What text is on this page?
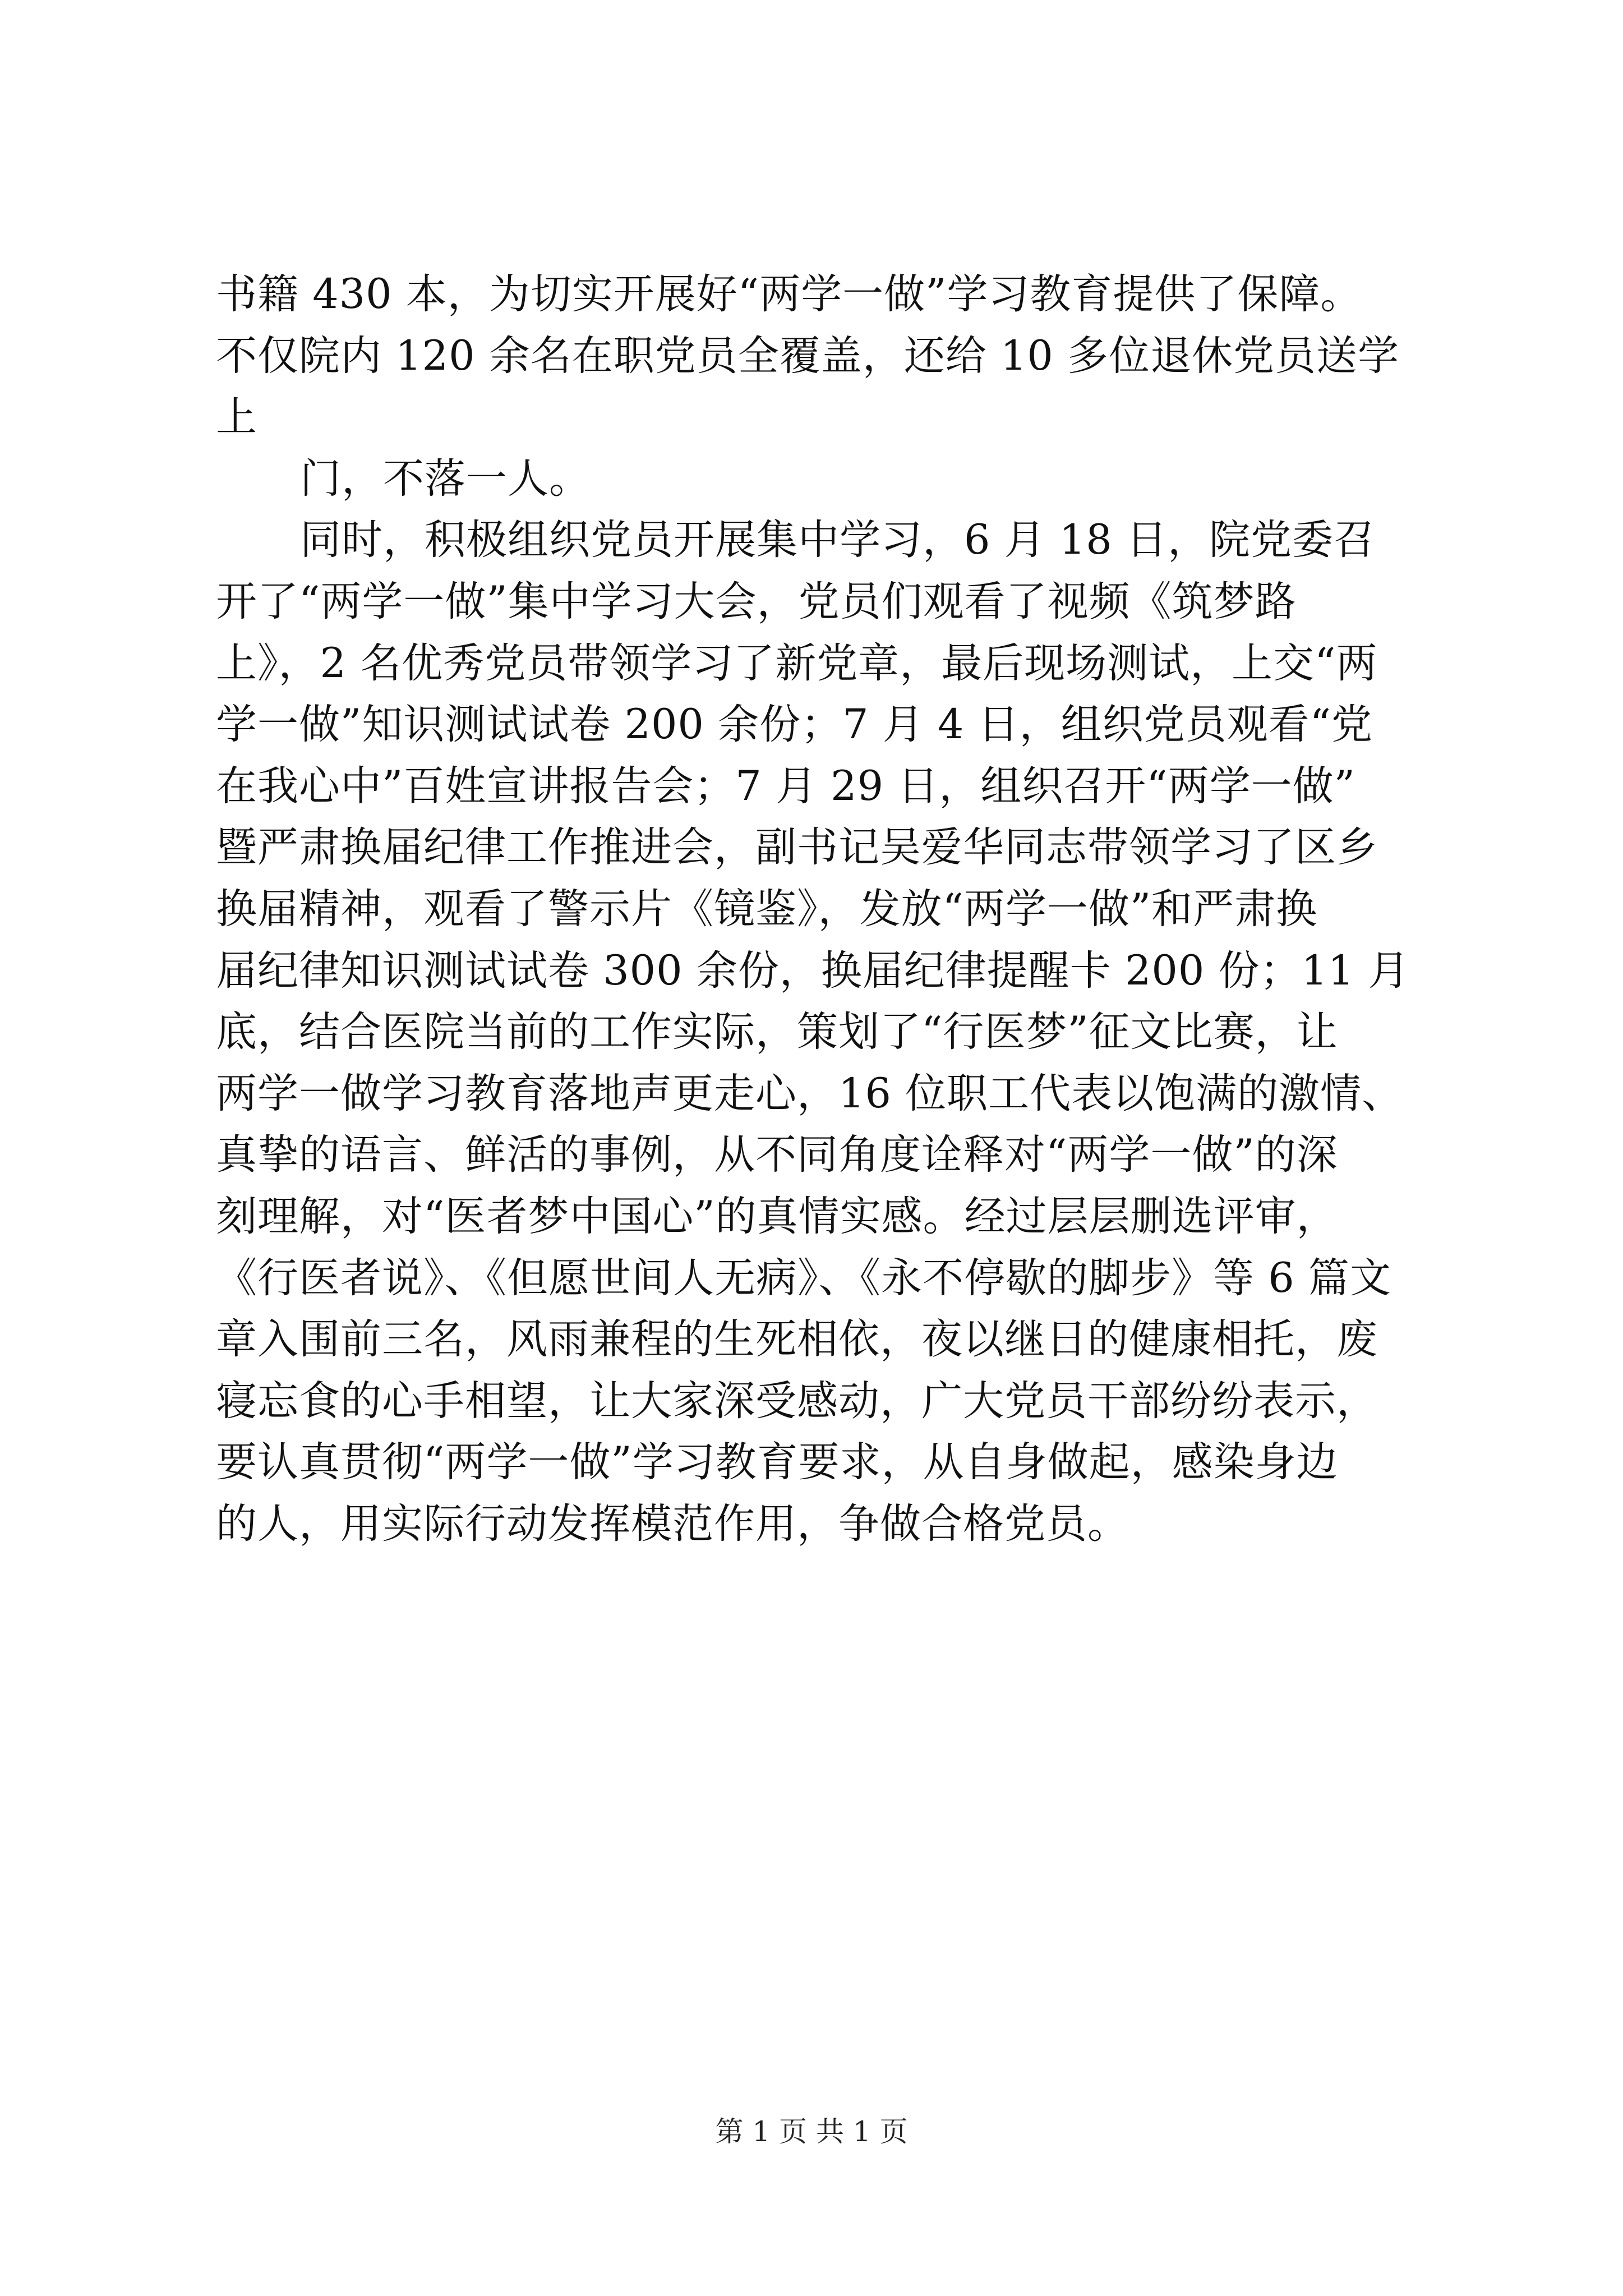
书籍 430 本，为切实开展好“两学一做”学习教育提供了保障。
不仅院内 120 余名在职党员全覆盖，还给 10 多位退休党员送学
上
门，不落一人。
同时，积极组织党员开展集中学习，6 月 18 日，院党委召
开了“两学一做”集中学习大会，党员们观看了视频《筑梦路
上》，2 名优秀党员带领学习了新党章，最后现场测试，上交“两
学一做”知识测试试卷 200 余份；7 月 4 日，组织党员观看“党
在我心中”百姓宣讲报告会；7 月 29 日，组织召开“两学一做”
暨严肃换届纪律工作推进会，副书记吴爱华同志带领学习了区乡
换届精神，观看了警示片《镜鉴》，发放“两学一做”和严肃换
届纪律知识测试试卷 300 余份，换届纪律提醒卡 200 份；11 月
底，结合医院当前的工作实际，策划了“行医梦”征文比赛，让
两学一做学习教育落地声更走心，16 位职工代表以饱满的激情、
真挚的语言、鲜活的事例，从不同角度诠释对“两学一做”的深
刻理解，对“医者梦中国心”的真情实感。经过层层删选评审，
《行医者说》、《但愿世间人无病》、《永不停歇的脚步》等 6 篇文
章入围前三名，风雨兼程的生死相依，夜以继日的健康相托，废
寝忘食的心手相望，让大家深受感动，广大党员干部纷纷表示，
要认真贯彻“两学一做”学习教育要求，从自身做起，感染身边
的人，用实际行动发挥模范作用，争做合格党员。
第 1 页 共 1 页
